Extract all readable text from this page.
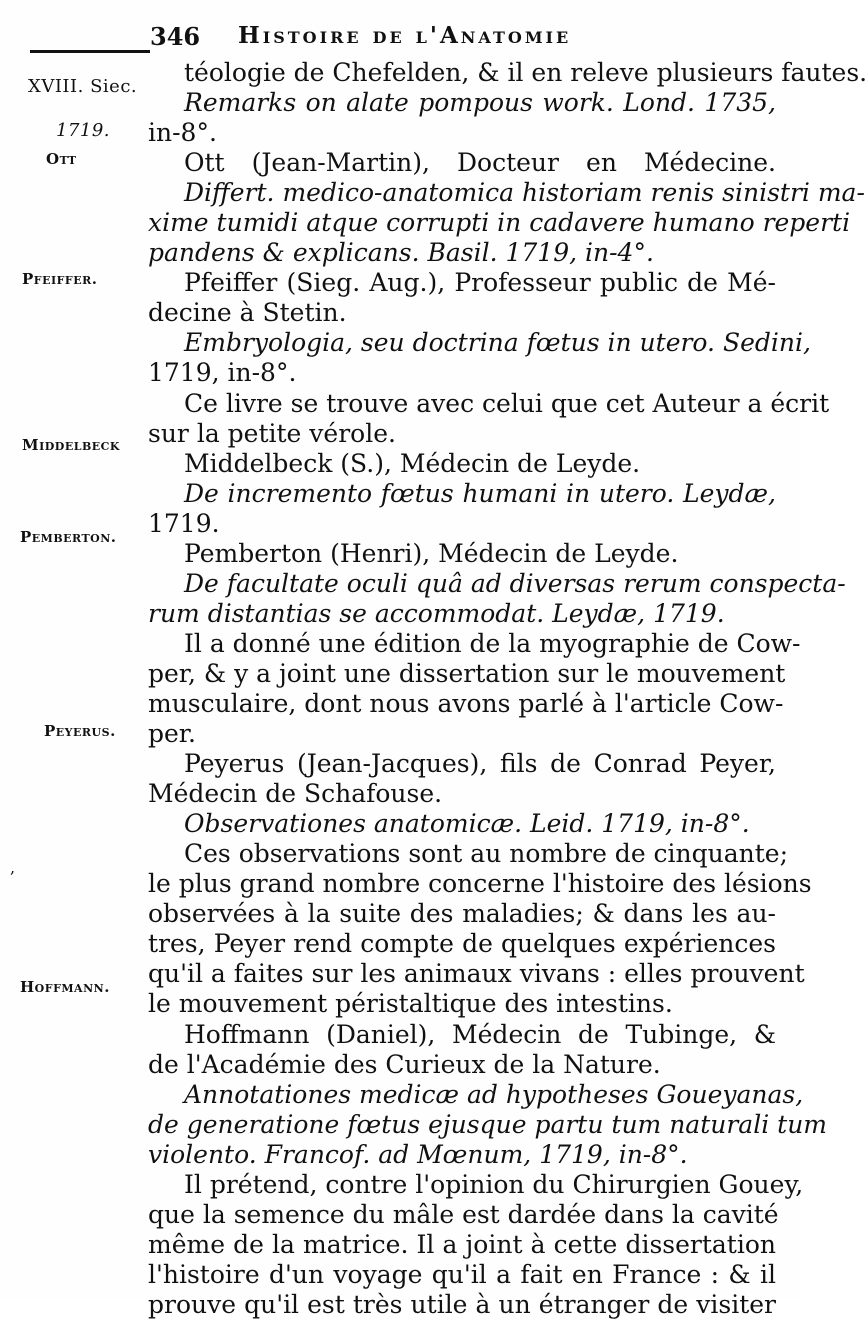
346 Histoire de l'Anatomie
XVIII. Siec.
1719.
Ott
Pfeiffer.
Middelbeck
Pemberton.
Peyerus.
Hoffmann.
,
téologie de Chefelden, & il en releve plusieurs fautes.
Remarks on alate pompous work. Lond. 1735,
in-8°.
Ott (Jean-Martin), Docteur en Médecine.
Differt. medico-anatomica historiam renis sinistri ma-
xime tumidi atque corrupti in cadavere humano reperti
pandens & explicans. Basil. 1719, in-4°.
Pfeiffer (Sieg. Aug.), Professeur public de Mé-
decine à Stetin.
Embryologia, seu doctrina fœtus in utero. Sedini,
1719, in-8°.
Ce livre se trouve avec celui que cet Auteur a écrit
sur la petite vérole.
Middelbeck (S.), Médecin de Leyde.
De incremento fœtus humani in utero. Leydæ,
1719.
Pemberton (Henri), Médecin de Leyde.
De facultate oculi quâ ad diversas rerum conspecta-
rum distantias se accommodat. Leydæ, 1719.
Il a donné une édition de la myographie de Cow-
per, & y a joint une dissertation sur le mouvement
musculaire, dont nous avons parlé à l'article Cow-
per.
Peyerus (Jean-Jacques), fils de Conrad Peyer,
Médecin de Schafouse.
Observationes anatomicæ. Leid. 1719, in-8°.
Ces observations sont au nombre de cinquante;
le plus grand nombre concerne l'histoire des lésions
observées à la suite des maladies; & dans les au-
tres, Peyer rend compte de quelques expériences
qu'il a faites sur les animaux vivans : elles prouvent
le mouvement péristaltique des intestins.
Hoffmann (Daniel), Médecin de Tubinge, &
de l'Académie des Curieux de la Nature.
Annotationes medicæ ad hypotheses Goueyanas,
de generatione fœtus ejusque partu tum naturali tum
violento. Francof. ad Mœnum, 1719, in-8°.
Il prétend, contre l'opinion du Chirurgien Gouey,
que la semence du mâle est dardée dans la cavité
même de la matrice. Il a joint à cette dissertation
l'histoire d'un voyage qu'il a fait en France : & il
prouve qu'il est très utile à un étranger de visiter
